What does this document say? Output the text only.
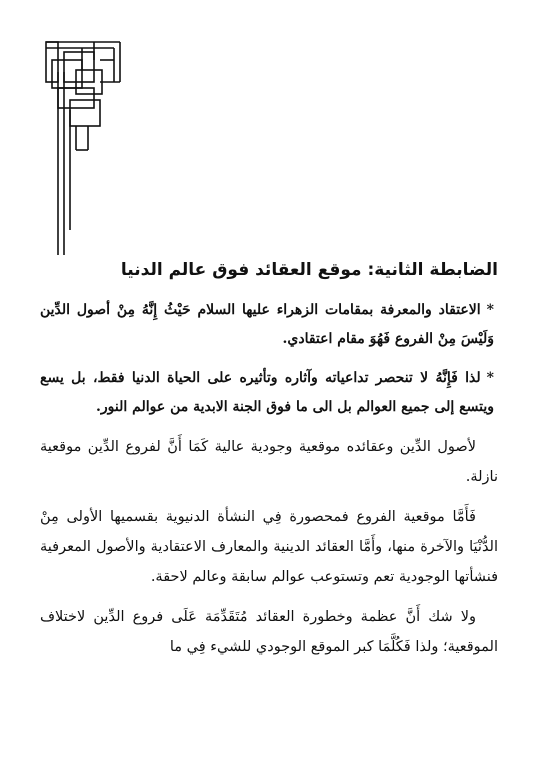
الضابطة الثانية: موقع العقائد فوق عالم الدنيا

*الاعتقاد والمعرفة بمقامات الزهراء عليها السلام حَيْثُ إِنَّهُ مِنْ أصول الدِّين وَلَيْسَ مِنْ الفروع فَهُوَ مقام اعتقادي.

*لذا فَإِنَّهُ لا تنحصر تداعياته وآثاره وتأثيره على الحياة الدنيا فقط، بل يسع ويتسع إلى جميع العوالم بل الى ما فوق الجنة الابدية من عوالم النور.

لأصول الدِّين وعقائده موقعية وجودية عالية كَمَا أَنَّ لفروع الدِّين موقعية نازلة.

فَأَمَّا موقعية الفروع فمحصورة فِي النشأة الدنيوية بقسميها الأولى مِنْ الدُّنْيَا والآخرة منها، وأَمَّا العقائد الدينية والمعارف الاعتقادية والأصول المعرفية فنشأتها الوجودية تعم وتستوعب عوالم سابقة وعالم لاحقة.

ولا شك أَنَّ عظمة وخطورة العقائد مُتَقَدِّمَة عَلَى فروع الدِّين لاختلاف الموقعية؛ ولذا فَكُلَّمَا كبر الموقع الوجودي للشيء فِي ما
